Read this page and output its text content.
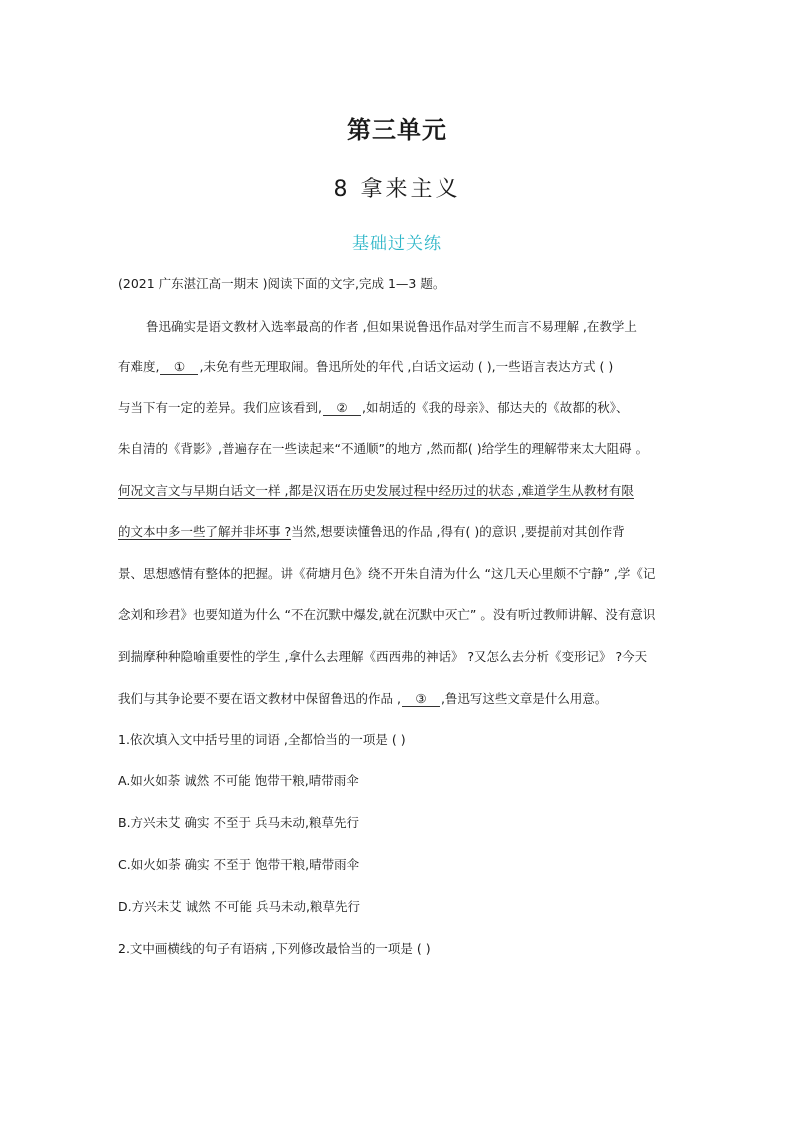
第三单元
8 拿来主义
基础过关练
(2021 广东湛江高一期末 )阅读下面的文字,完成 1—3 题。
鲁迅确实是语文教材入选率最高的作者 ,但如果说鲁迅作品对学生而言不易理解 ,在教学上
有难度, ① ,未免有些无理取闹。鲁迅所处的年代 ,白话文运动 ( ),一些语言表达方式 ( )
与当下有一定的差异。我们应该看到, ② ,如胡适的《我的母亲》、郁达夫的《故都的秋》、
朱自清的《背影》,普遍存在一些读起来“不通顺”的地方 ,然而都( )给学生的理解带来太大阻碍 。
何况文言文与早期白话文一样 ,都是汉语在历史发展过程中经历过的状态 ,难道学生从教材有限
的文本中多一些了解并非坏事 ?当然,想要读懂鲁迅的作品 ,得有( )的意识 ,要提前对其创作背
景、思想感情有整体的把握。讲《荷塘月色》绕不开朱自清为什么 “这几天心里颇不宁静” ,学《记
念刘和珍君》也要知道为什么 “不在沉默中爆发,就在沉默中灭亡” 。没有听过教师讲解、没有意识
到揣摩种种隐喻重要性的学生 ,拿什么去理解《西西弗的神话》 ?又怎么去分析《变形记》 ?今天
我们与其争论要不要在语文教材中保留鲁迅的作品 , ③ ,鲁迅写这些文章是什么用意。
1.依次填入文中括号里的词语 ,全都恰当的一项是 ( )
A.如火如荼 诚然 不可能 饱带干粮,晴带雨伞
B.方兴未艾 确实 不至于 兵马未动,粮草先行
C.如火如荼 确实 不至于 饱带干粮,晴带雨伞
D.方兴未艾 诚然 不可能 兵马未动,粮草先行
2.文中画横线的句子有语病 ,下列修改最恰当的一项是 ( )
